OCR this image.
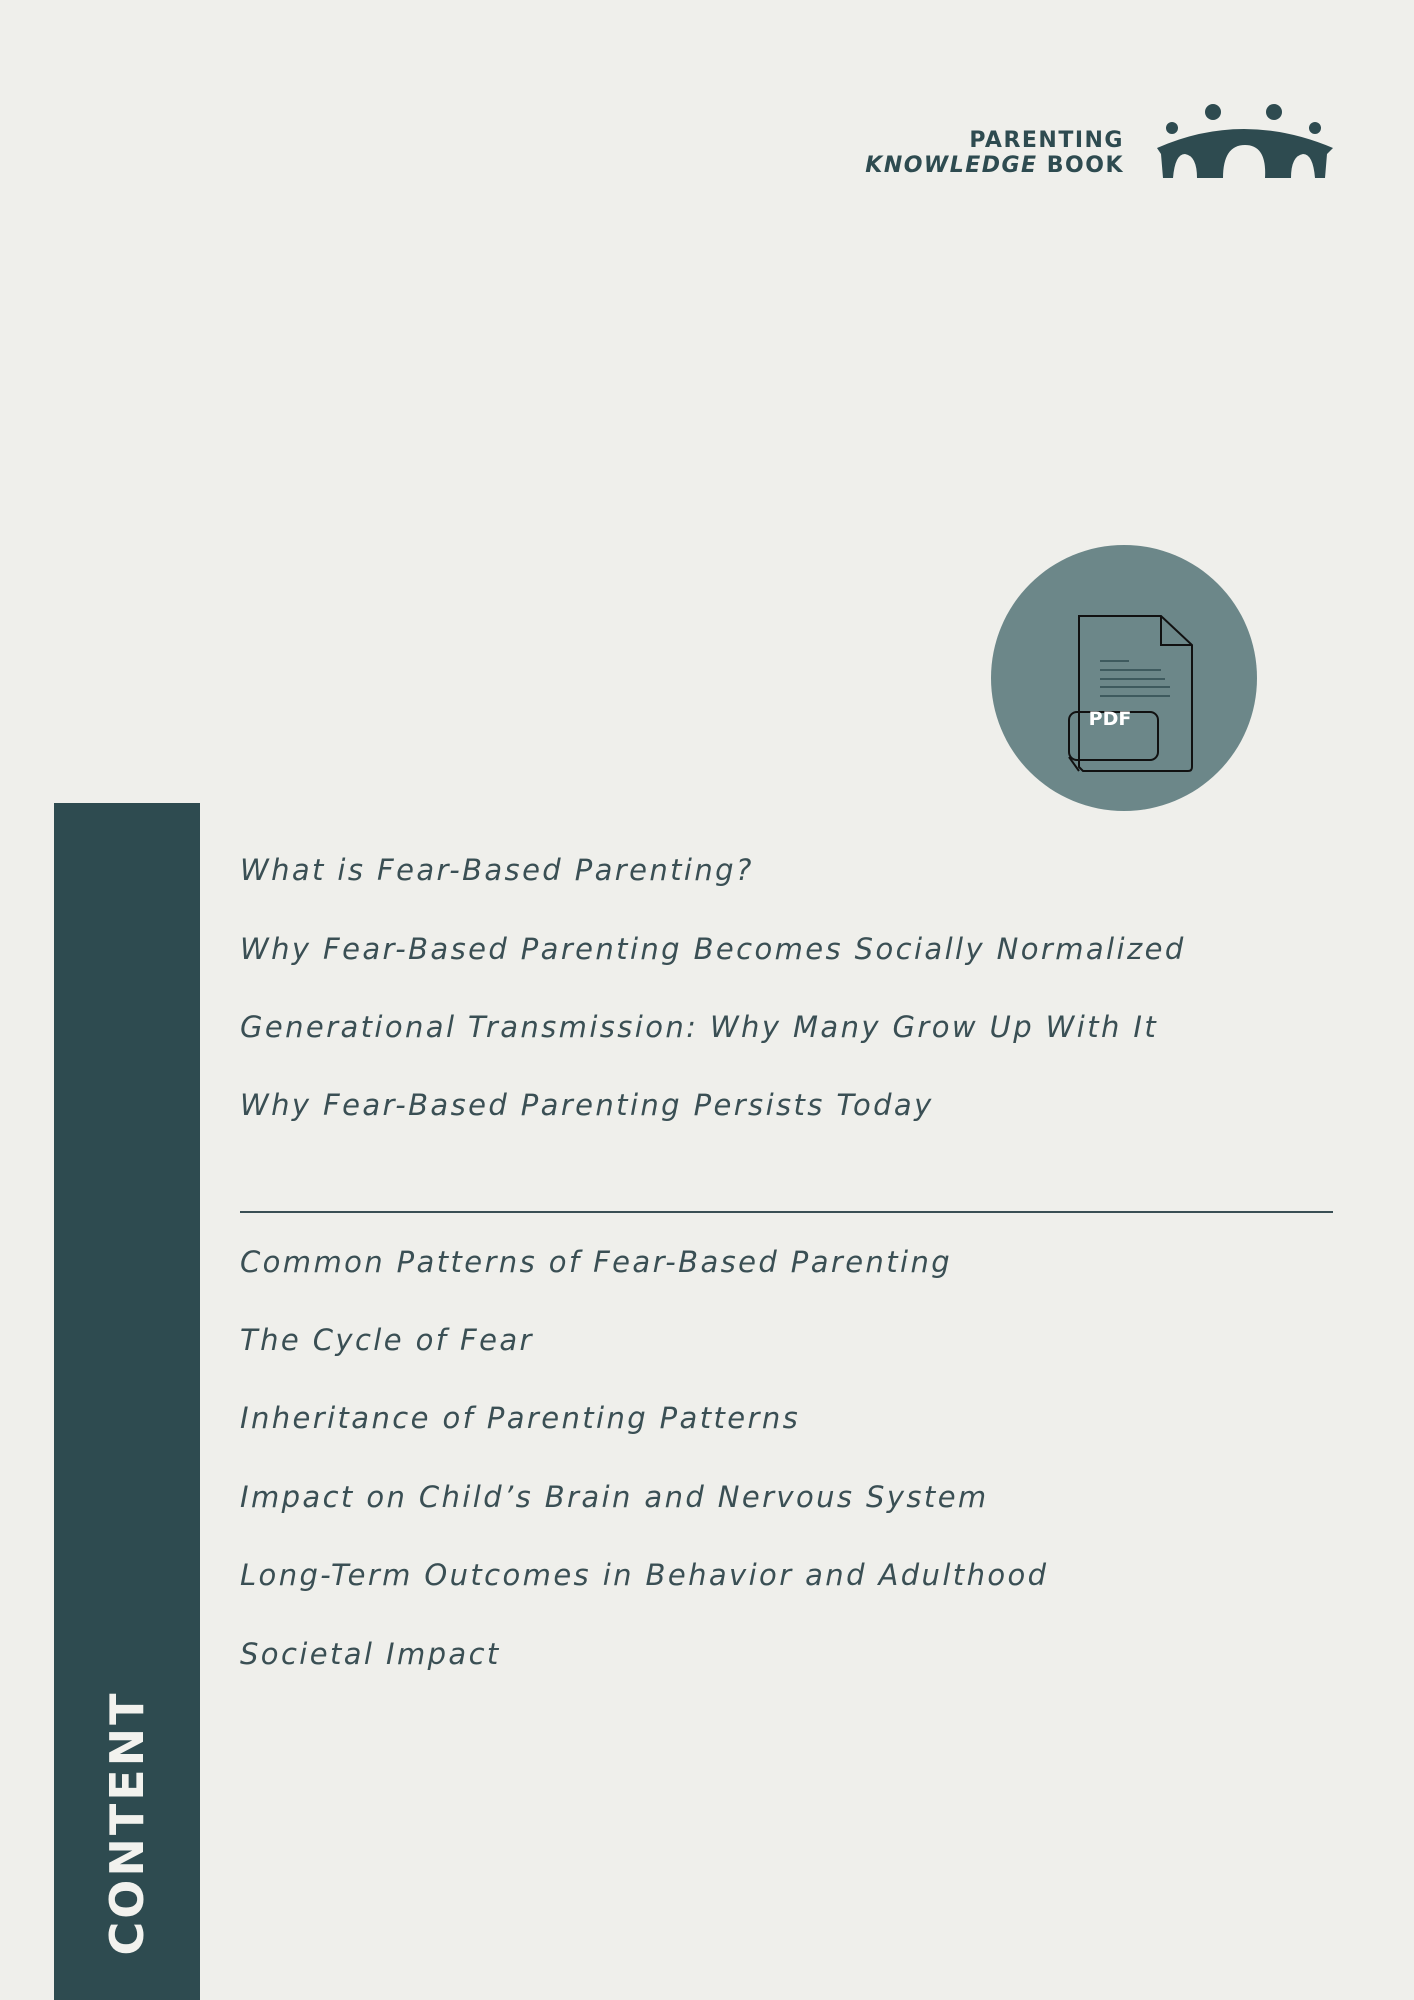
PARENTING
KNOWLEDGE BOOK
PDF
CONTENT
What is Fear-Based Parenting?
Why Fear-Based Parenting Becomes Socially Normalized
Generational Transmission: Why Many Grow Up With It
Why Fear-Based Parenting Persists Today
Common Patterns of Fear-Based Parenting
The Cycle of Fear
Inheritance of Parenting Patterns
Impact on Child’s Brain and Nervous System
Long-Term Outcomes in Behavior and Adulthood
Societal Impact
